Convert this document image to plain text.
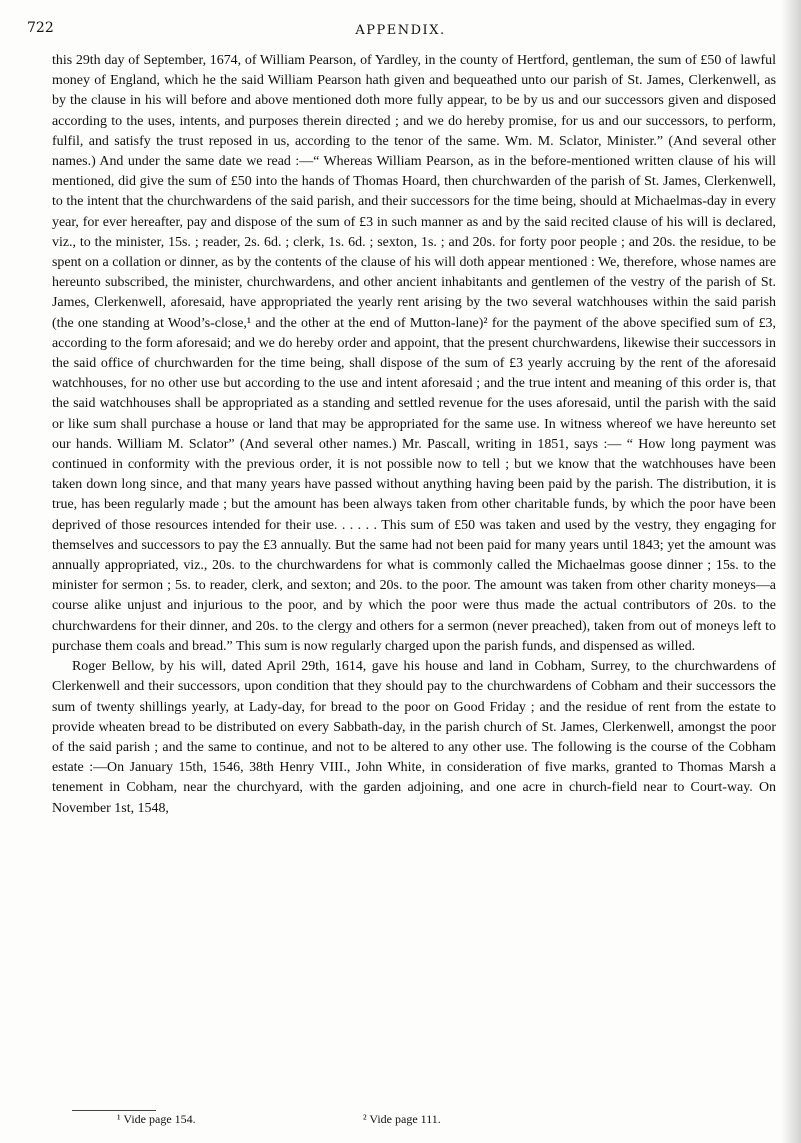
722	APPENDIX.

this 29th day of September, 1674, of William Pearson, of Yardley, in the county of Hertford, gentleman, the sum of £50 of lawful money of England, which he the said William Pearson hath given and bequeathed unto our parish of St. James, Clerkenwell, as by the clause in his will before and above mentioned doth more fully appear, to be by us and our successors given and disposed according to the uses, intents, and purposes therein directed ; and we do hereby promise, for us and our successors, to perform, fulfil, and satisfy the trust reposed in us, according to the tenor of the same. Wm. M. Sclator, Minister.” (And several other names.) And under the same date we read :—“ Whereas William Pearson, as in the before-mentioned written clause of his will mentioned, did give the sum of £50 into the hands of Thomas Hoard, then churchwarden of the parish of St. James, Clerkenwell, to the intent that the churchwardens of the said parish, and their successors for the time being, should at Michaelmas-day in every year, for ever hereafter, pay and dispose of the sum of £3 in such manner as and by the said recited clause of his will is declared, viz., to the minister, 15s. ; reader, 2s. 6d. ; clerk, 1s. 6d. ; sexton, 1s. ; and 20s. for forty poor people ; and 20s. the residue, to be spent on a collation or dinner, as by the contents of the clause of his will doth appear mentioned : We, therefore, whose names are hereunto subscribed, the minister, churchwardens, and other ancient inhabitants and gentlemen of the vestry of the parish of St. James, Clerkenwell, aforesaid, have appropriated the yearly rent arising by the two several watchhouses within the said parish (the one standing at Wood’s-close,¹ and the other at the end of Mutton-lane)² for the payment of the above specified sum of £3, according to the form aforesaid; and we do hereby order and appoint, that the present churchwardens, likewise their successors in the said office of churchwarden for the time being, shall dispose of the sum of £3 yearly accruing by the rent of the aforesaid watchhouses, for no other use but according to the use and intent aforesaid ; and the true intent and meaning of this order is, that the said watchhouses shall be appropriated as a standing and settled revenue for the uses aforesaid, until the parish with the said or like sum shall purchase a house or land that may be appropriated for the same use. In witness whereof we have hereunto set our hands. William M. Sclator” (And several other names.) Mr. Pascall, writing in 1851, says :— “ How long payment was continued in conformity with the previous order, it is not possible now to tell ; but we know that the watchhouses have been taken down long since, and that many years have passed without anything having been paid by the parish. The distribution, it is true, has been regularly made ; but the amount has been always taken from other charitable funds, by which the poor have been deprived of those resources intended for their use. . . . . . This sum of £50 was taken and used by the vestry, they engaging for themselves and successors to pay the £3 annually. But the same had not been paid for many years until 1843; yet the amount was annually appropriated, viz., 20s. to the churchwardens for what is commonly called the Michaelmas goose dinner ; 15s. to the minister for sermon ; 5s. to reader, clerk, and sexton; and 20s. to the poor. The amount was taken from other charity moneys—a course alike unjust and injurious to the poor, and by which the poor were thus made the actual contributors of 20s. to the churchwardens for their dinner, and 20s. to the clergy and others for a sermon (never preached), taken from out of moneys left to purchase them coals and bread.” This sum is now regularly charged upon the parish funds, and dispensed as willed.

Roger Bellow, by his will, dated April 29th, 1614, gave his house and land in Cobham, Surrey, to the churchwardens of Clerkenwell and their successors, upon condition that they should pay to the churchwardens of Cobham and their successors the sum of twenty shillings yearly, at Lady-day, for bread to the poor on Good Friday ; and the residue of rent from the estate to provide wheaten bread to be distributed on every Sabbath-day, in the parish church of St. James, Clerkenwell, amongst the poor of the said parish ; and the same to continue, and not to be altered to any other use. The following is the course of the Cobham estate :—On January 15th, 1546, 38th Henry VIII., John White, in consideration of five marks, granted to Thomas Marsh a tenement in Cobham, near the churchyard, with the garden adjoining, and one acre in church-field near to Court-way. On November 1st, 1548,

¹ Vide page 154.	² Vide page 111.
